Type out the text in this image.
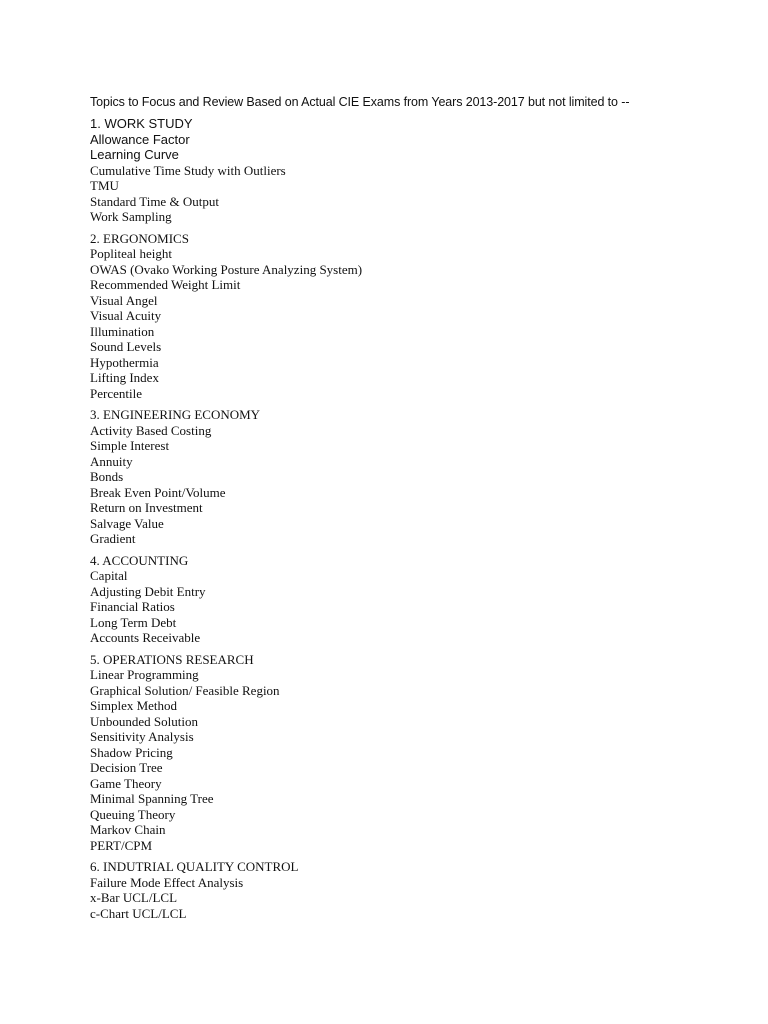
Topics to Focus and Review Based on Actual CIE Exams from Years 2013-2017 but not limited to --
1. WORK STUDY
Allowance Factor
Learning Curve
Cumulative Time Study with Outliers
TMU
Standard Time & Output
Work Sampling
2. ERGONOMICS
Popliteal height
OWAS (Ovako Working Posture Analyzing System)
Recommended Weight Limit
Visual Angel
Visual Acuity
Illumination
Sound Levels
Hypothermia
Lifting Index
Percentile
3. ENGINEERING ECONOMY
Activity Based Costing
Simple Interest
Annuity
Bonds
Break Even Point/Volume
Return on Investment
Salvage Value
Gradient
4. ACCOUNTING
Capital
Adjusting Debit Entry
Financial Ratios
Long Term Debt
Accounts Receivable
5. OPERATIONS RESEARCH
Linear Programming
Graphical Solution/ Feasible Region
Simplex Method
Unbounded Solution
Sensitivity Analysis
Shadow Pricing
Decision Tree
Game Theory
Minimal Spanning Tree
Queuing Theory
Markov Chain
PERT/CPM
6. INDUTRIAL QUALITY CONTROL
Failure Mode Effect Analysis
x-Bar UCL/LCL
c-Chart UCL/LCL
